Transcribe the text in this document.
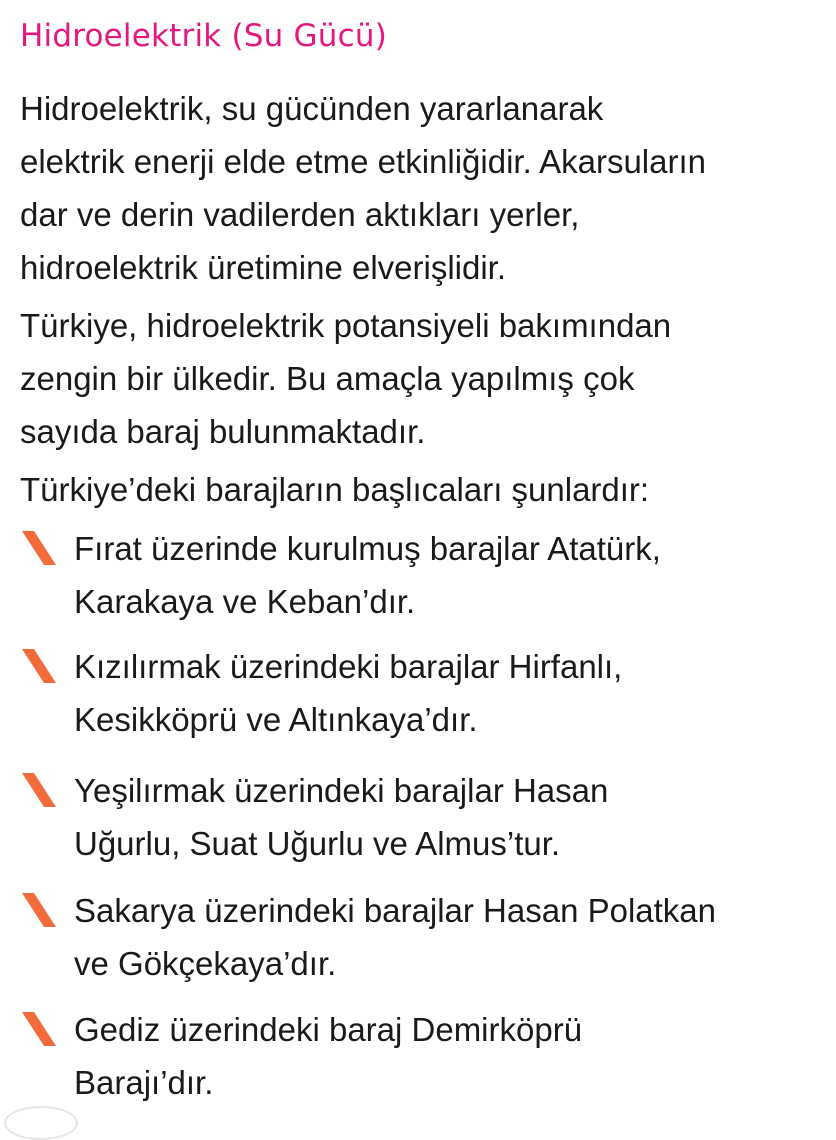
Hidroelektrik (Su Gücü)

Hidroelektrik, su gücünden yararlanarak
elektrik enerji elde etme etkinliğidir. Akarsuların
dar ve derin vadilerden aktıkları yerler,
hidroelektrik üretimine elverişlidir.

Türkiye, hidroelektrik potansiyeli bakımından
zengin bir ülkedir. Bu amaçla yapılmış çok
sayıda baraj bulunmaktadır.

Türkiye’deki barajların başlıcaları şunlardır:

Fırat üzerinde kurulmuş barajlar Atatürk,
Karakaya ve Keban’dır.

Kızılırmak üzerindeki barajlar Hirfanlı,
Kesikköprü ve Altınkaya’dır.

Yeşilırmak üzerindeki barajlar Hasan
Uğurlu, Suat Uğurlu ve Almus’tur.

Sakarya üzerindeki barajlar Hasan Polatkan
ve Gökçekaya’dır.

Gediz üzerindeki baraj Demirköprü
Barajı’dır.
